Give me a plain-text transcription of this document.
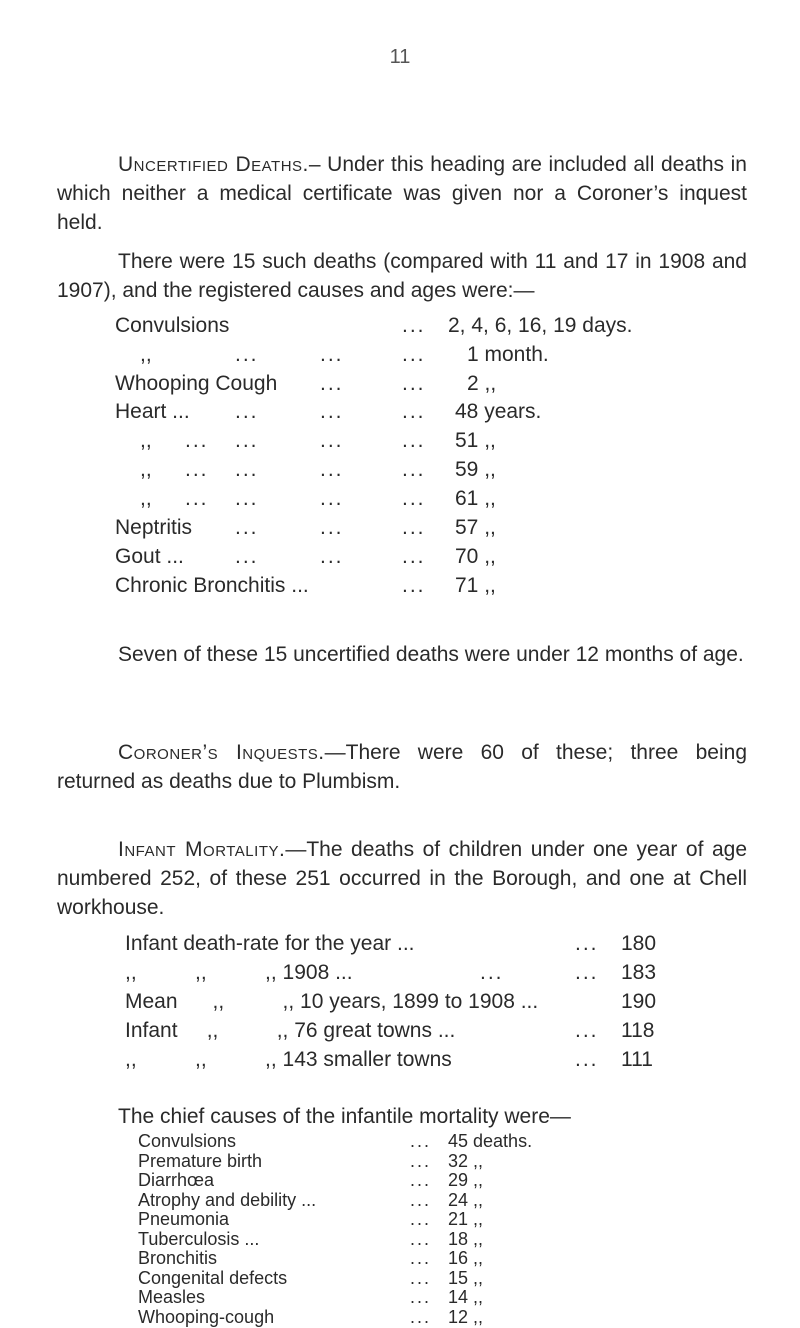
11
Uncertified Deaths.– Under this heading are included all deaths in which neither a medical certificate was given nor a Coroner’s inquest held.
There were 15 such deaths (compared with 11 and 17 in 1908 and 1907), and the registered causes and ages were:—
Convulsions	... 2, 4, 6, 16, 19 days.
,,	...	...	... 1 month.
Whooping Cough ...	... 2 ,,
Heart ... ...	...	... 48 years.
,, ... ...	...	... 51 ,,
,, ... ...	...	... 59 ,,
,, ... ...	...	... 61 ,,
Neptritis ...	...	... 57 ,,
Gout ... ...	...	... 70 ,,
Chronic Bronchitis ...	... 71 ,,
Seven of these 15 uncertified deaths were under 12 months of age.
Coroner’s Inquests.—There were 60 of these; three being returned as deaths due to Plumbism.
Infant Mortality.—The deaths of children under one year of age numbered 252, of these 251 occurred in the Borough, and one at Chell workhouse.
Infant death-rate for the year ...	... 180
,,          ,,          ,, 1908 ...	...	... 183
Mean      ,,          ,, 10 years, 1899 to 1908 ...	190
Infant     ,,          ,, 76 great towns ...	... 118
,,          ,,          ,, 143 smaller towns	... 111
The chief causes of the infantile mortality were—
Convulsions	... 45 deaths.
Premature birth	... 32 ,,
Diarrhœa	... 29 ,,
Atrophy and debility ...	... 24 ,,
Pneumonia	... 21 ,,
Tuberculosis ...	... 18 ,,
Bronchitis	... 16 ,,
Congenital defects	... 15 ,,
Measles	... 14 ,,
Whooping-cough	... 12 ,,
